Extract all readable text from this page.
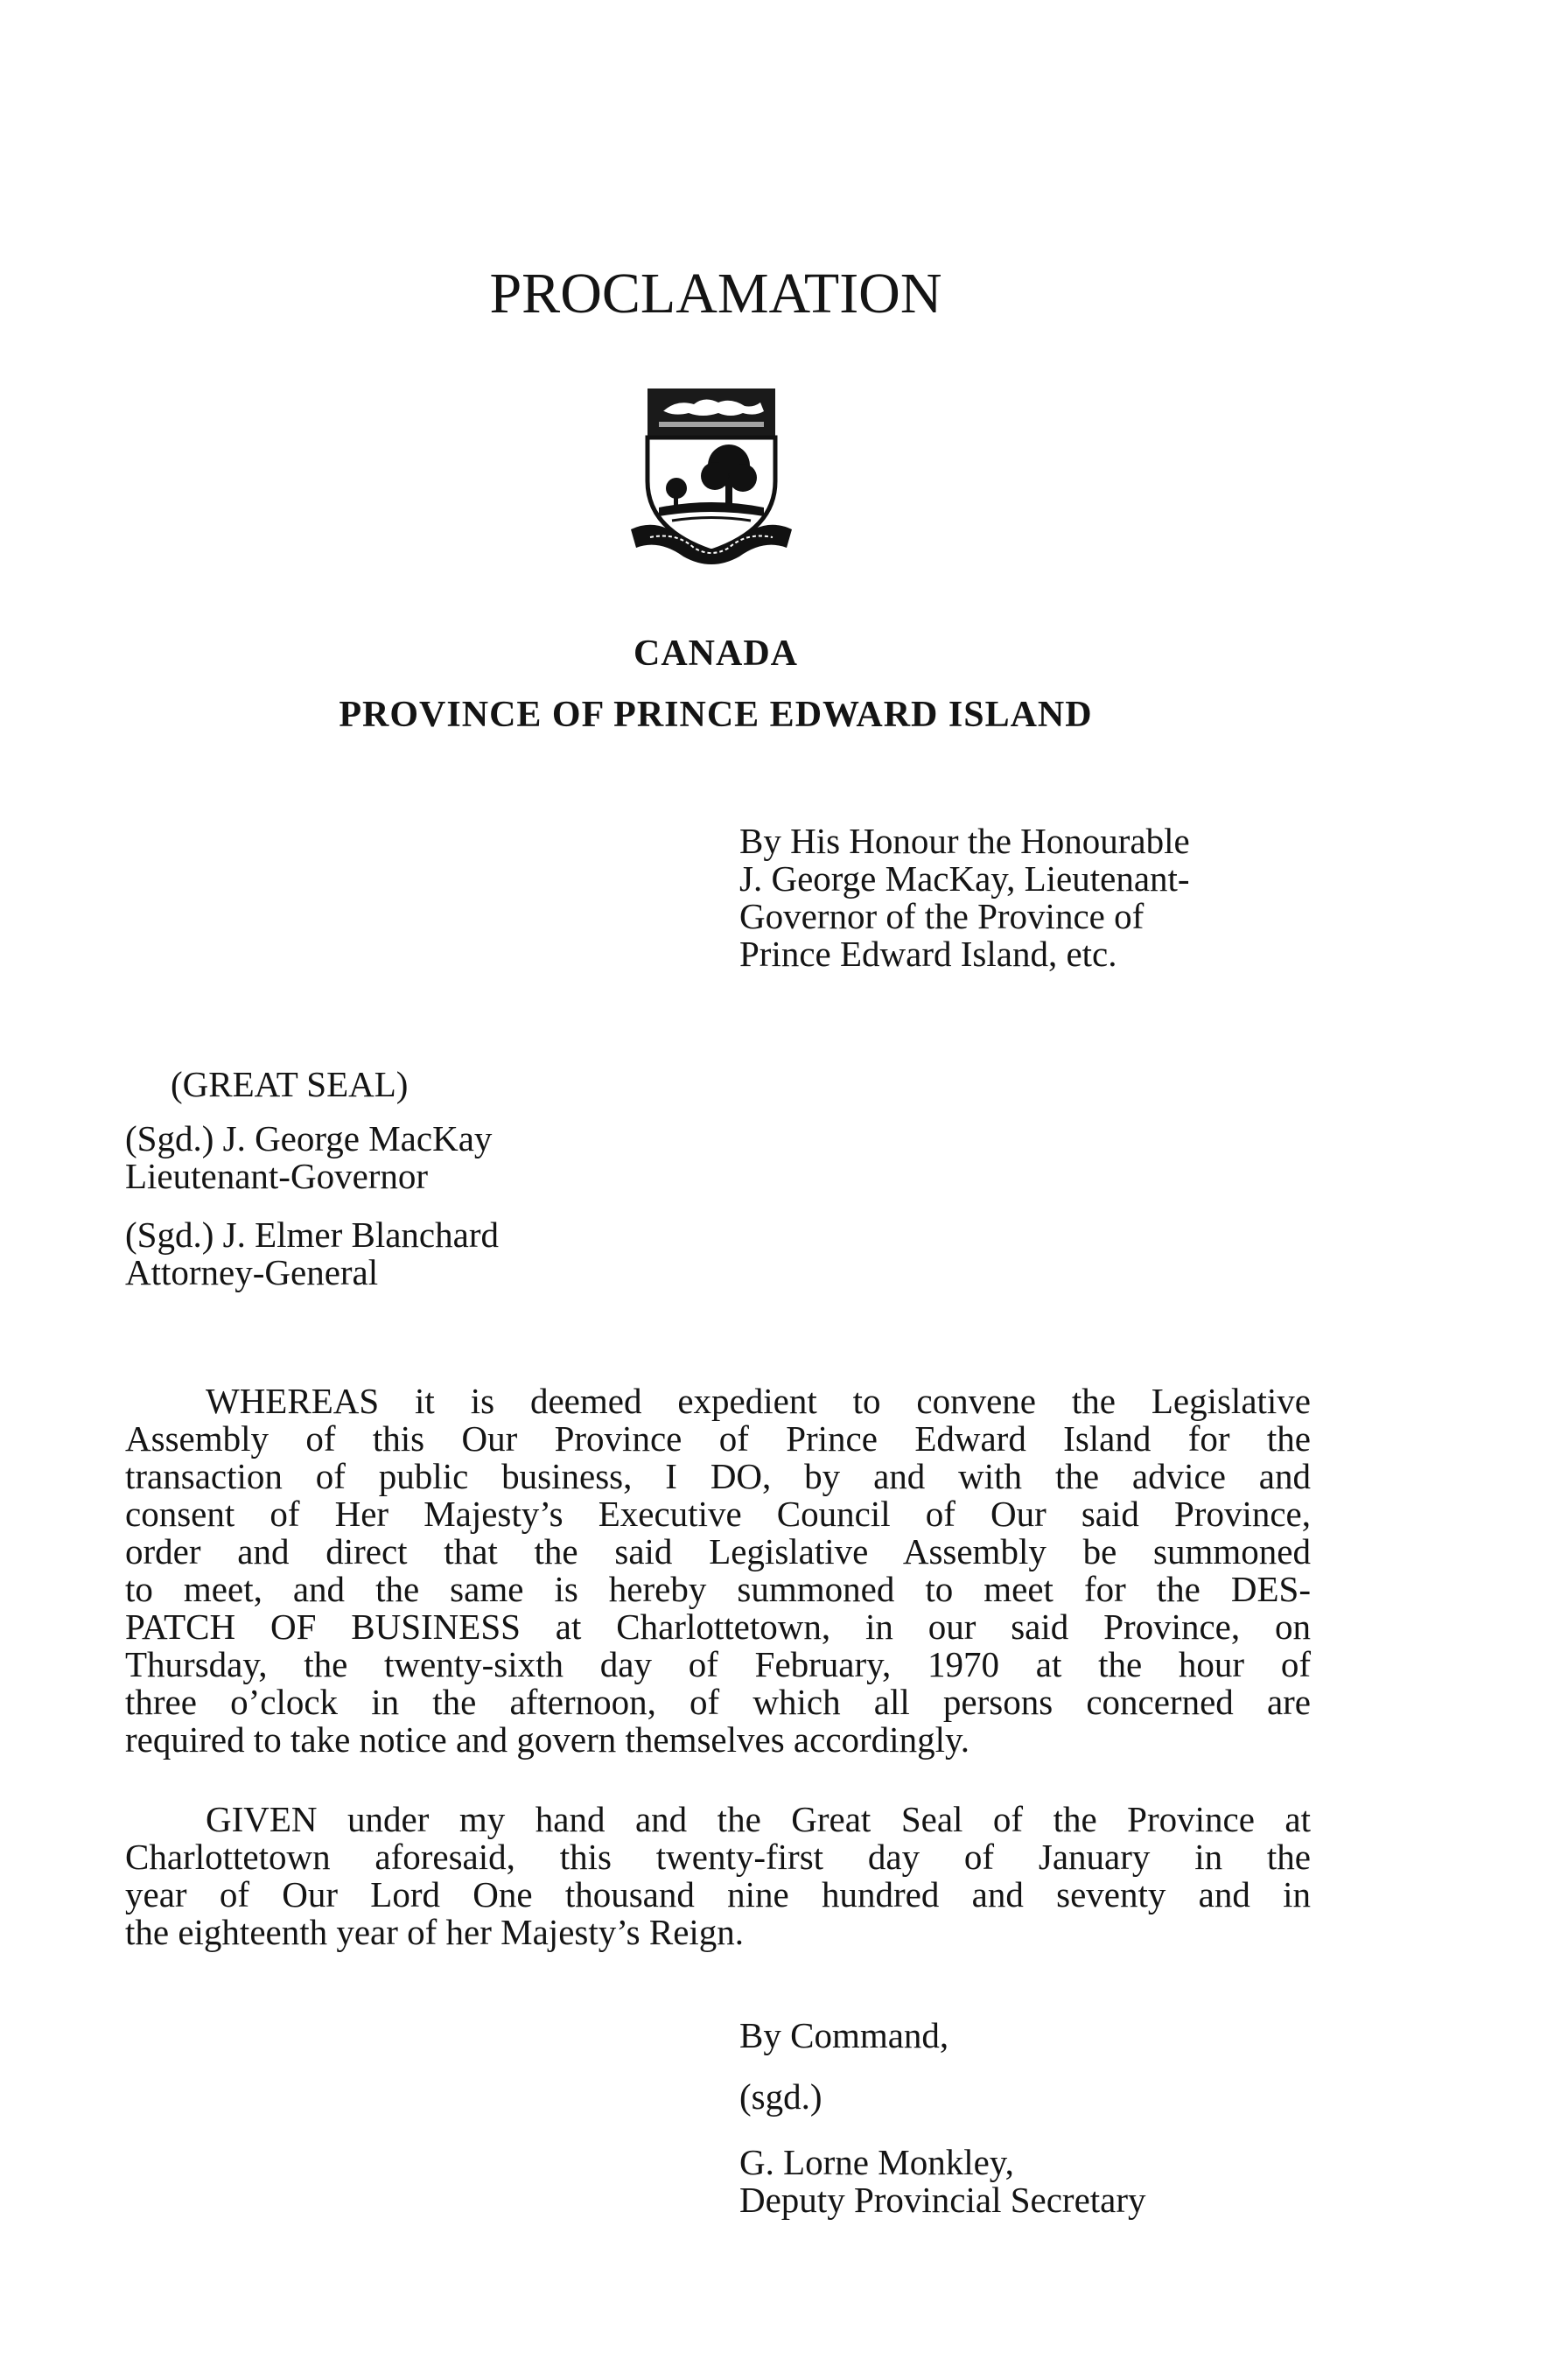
PROCLAMATION
CANADA
PROVINCE OF PRINCE EDWARD ISLAND

By His Honour the Honourable
J. George MacKay, Lieutenant-
Governor of the Province of
Prince Edward Island, etc.

(GREAT SEAL)

(Sgd.) J. George MacKay
Lieutenant-Governor

(Sgd.) J. Elmer Blanchard
Attorney-General

WHEREAS it is deemed expedient to convene the Legislative
Assembly of this Our Province of Prince Edward Island for the
transaction of public business, I DO, by and with the advice and
consent of Her Majesty’s Executive Council of Our said Province,
order and direct that the said Legislative Assembly be summoned
to meet, and the same is hereby summoned to meet for the DES-
PATCH OF BUSINESS at Charlottetown, in our said Province, on
Thursday, the twenty-sixth day of February, 1970 at the hour of
three o’clock in the afternoon, of which all persons concerned are
required to take notice and govern themselves accordingly.

GIVEN under my hand and the Great Seal of the Province at
Charlottetown aforesaid, this twenty-first day of January in the
year of Our Lord One thousand nine hundred and seventy and in
the eighteenth year of her Majesty’s Reign.

By Command,

(sgd.)

G. Lorne Monkley,
Deputy Provincial Secretary
